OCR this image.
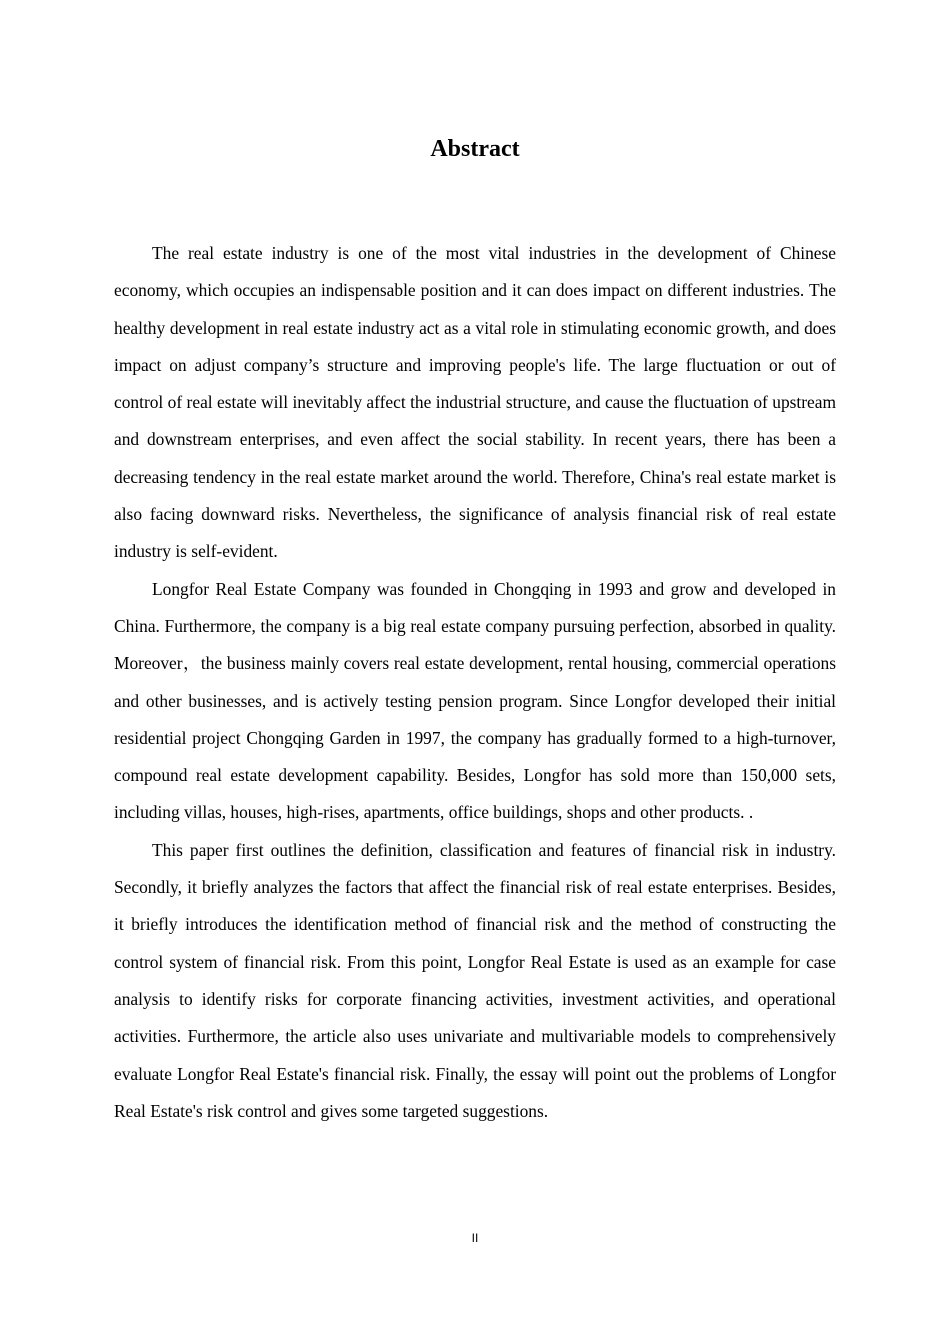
Abstract

The real estate industry is one of the most vital industries in the development of Chinese economy, which occupies an indispensable position and it can does impact on different industries. The healthy development in real estate industry act as a vital role in stimulating economic growth, and does impact on adjust company’s structure and improving people's life. The large fluctuation or out of control of real estate will inevitably affect the industrial structure, and cause the fluctuation of upstream and downstream enterprises, and even affect the social stability. In recent years, there has been a decreasing tendency in the real estate market around the world. Therefore, China's real estate market is also facing downward risks. Nevertheless, the significance of analysis financial risk of real estate industry is self-evident.

Longfor Real Estate Company was founded in Chongqing in 1993 and grow and developed in China. Furthermore, the company is a big real estate company pursuing perfection, absorbed in quality. Moreover，the business mainly covers real estate development, rental housing, commercial operations and other businesses, and is actively testing pension program. Since Longfor developed their initial residential project Chongqing Garden in 1997, the company has gradually formed to a high-turnover, compound real estate development capability. Besides, Longfor has sold more than 150,000 sets, including villas, houses, high-rises, apartments, office buildings, shops and other products. .

This paper first outlines the definition, classification and features of financial risk in industry. Secondly, it briefly analyzes the factors that affect the financial risk of real estate enterprises. Besides, it briefly introduces the identification method of financial risk and the method of constructing the control system of financial risk. From this point, Longfor Real Estate is used as an example for case analysis to identify risks for corporate financing activities, investment activities, and operational activities. Furthermore, the article also uses univariate and multivariable models to comprehensively evaluate Longfor Real Estate's financial risk. Finally, the essay will point out the problems of Longfor Real Estate's risk control and gives some targeted suggestions.

II
